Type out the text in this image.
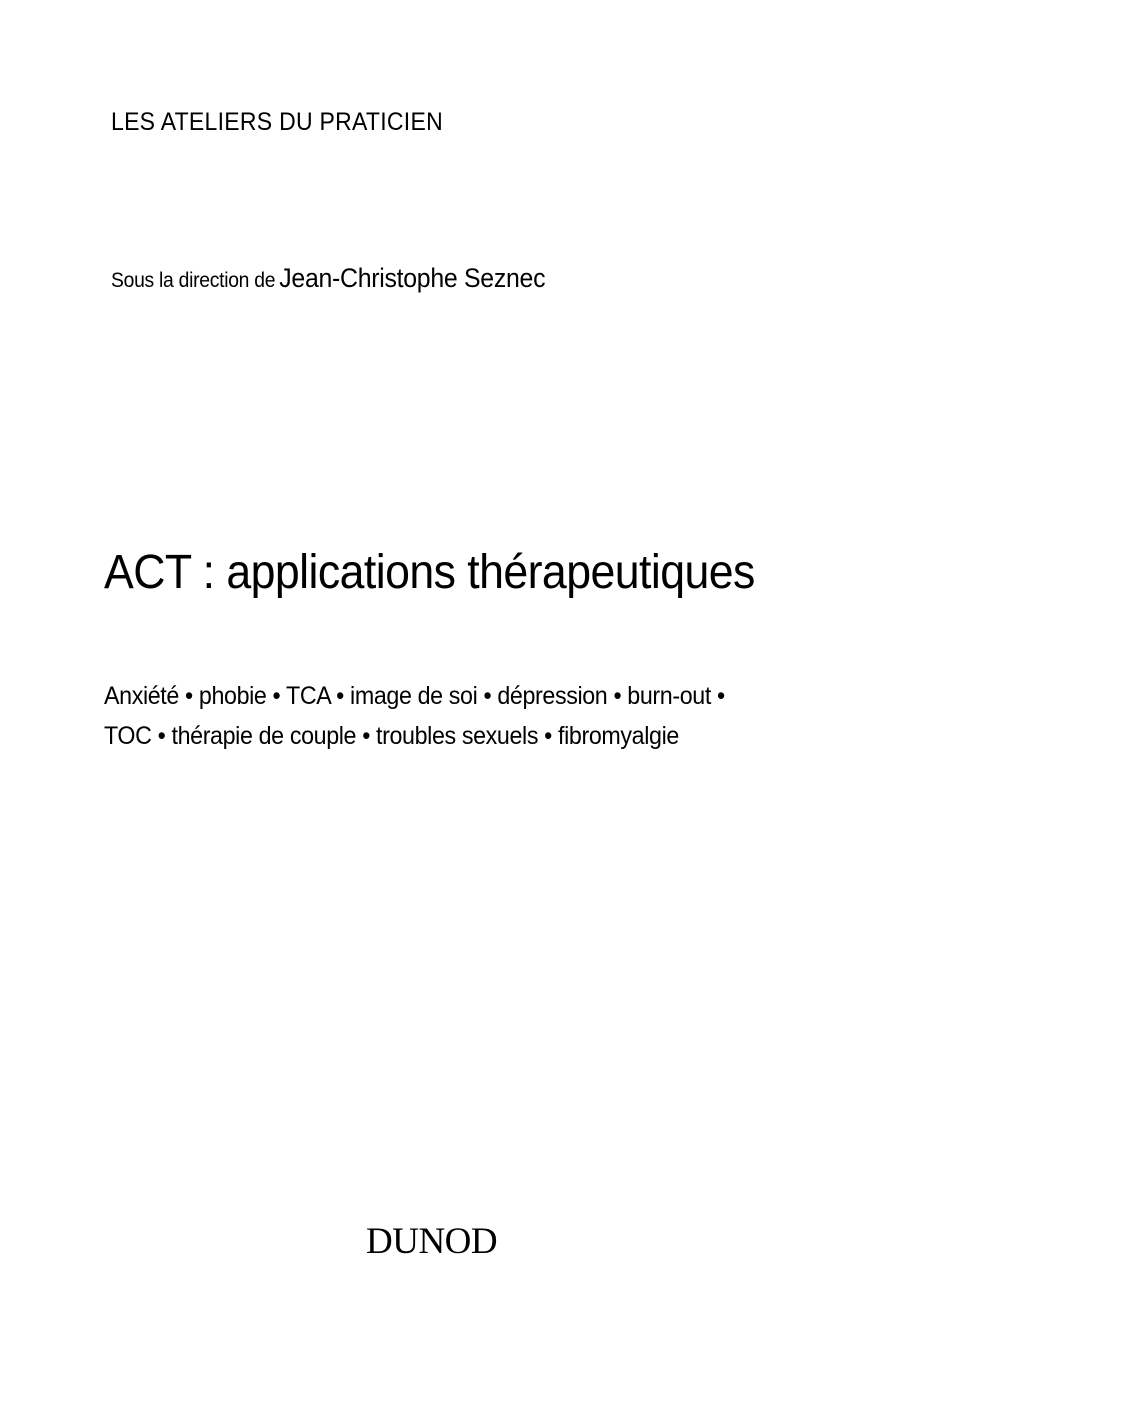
LES ATELIERS DU PRATICIEN
Sous la direction de Jean-Christophe Seznec
ACT : applications thérapeutiques
Anxiété • phobie • TCA • image de soi • dépression • burn-out •
TOC • thérapie de couple • troubles sexuels • fibromyalgie
DUNOD
